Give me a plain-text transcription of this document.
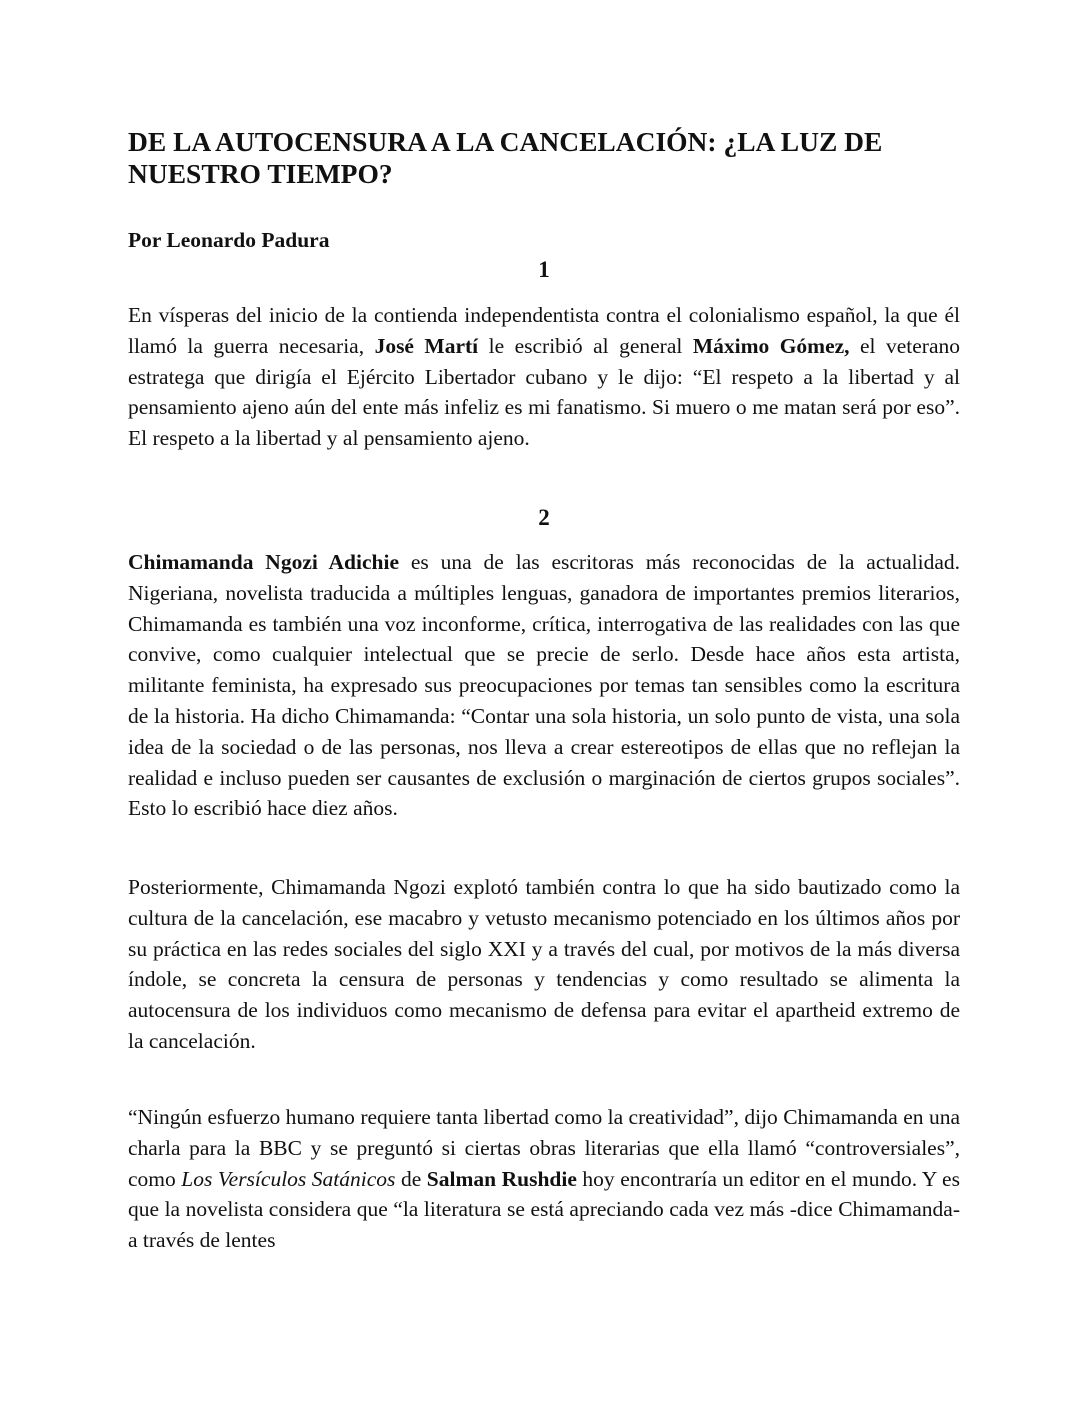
DE LA AUTOCENSURA A LA CANCELACIÓN: ¿LA LUZ DE NUESTRO TIEMPO?

Por Leonardo Padura

1

En vísperas del inicio de la contienda independentista contra el colonialismo español, la que él llamó la guerra necesaria, José Martí le escribió al general Máximo Gómez, el veterano estratega que dirigía el Ejército Libertador cubano y le dijo: “El respeto a la libertad y al pensamiento ajeno aún del ente más infeliz es mi fanatismo. Si muero o me matan será por eso”. El respeto a la libertad y al pensamiento ajeno.

2

Chimamanda Ngozi Adichie es una de las escritoras más reconocidas de la actualidad. Nigeriana, novelista traducida a múltiples lenguas, ganadora de importantes premios literarios, Chimamanda es también una voz inconforme, crítica, interrogativa de las realidades con las que convive, como cualquier intelectual que se precie de serlo. Desde hace años esta artista, militante feminista, ha expresado sus preocupaciones por temas tan sensibles como la escritura de la historia. Ha dicho Chimamanda: “Contar una sola historia, un solo punto de vista, una sola idea de la sociedad o de las personas, nos lleva a crear estereotipos de ellas que no reflejan la realidad e incluso pueden ser causantes de exclusión o marginación de ciertos grupos sociales”. Esto lo escribió hace diez años.

Posteriormente, Chimamanda Ngozi explotó también contra lo que ha sido bautizado como la cultura de la cancelación, ese macabro y vetusto mecanismo potenciado en los últimos años por su práctica en las redes sociales del siglo XXI y a través del cual, por motivos de la más diversa índole, se concreta la censura de personas y tendencias y como resultado se alimenta la autocensura de los individuos como mecanismo de defensa para evitar el apartheid extremo de la cancelación.

“Ningún esfuerzo humano requiere tanta libertad como la creatividad”, dijo Chimamanda en una charla para la BBC y se preguntó si ciertas obras literarias que ella llamó “controversiales”, como Los Versículos Satánicos de Salman Rushdie hoy encontraría un editor en el mundo. Y es que la novelista considera que “la literatura se está apreciando cada vez más -dice Chimamanda- a través de lentes
